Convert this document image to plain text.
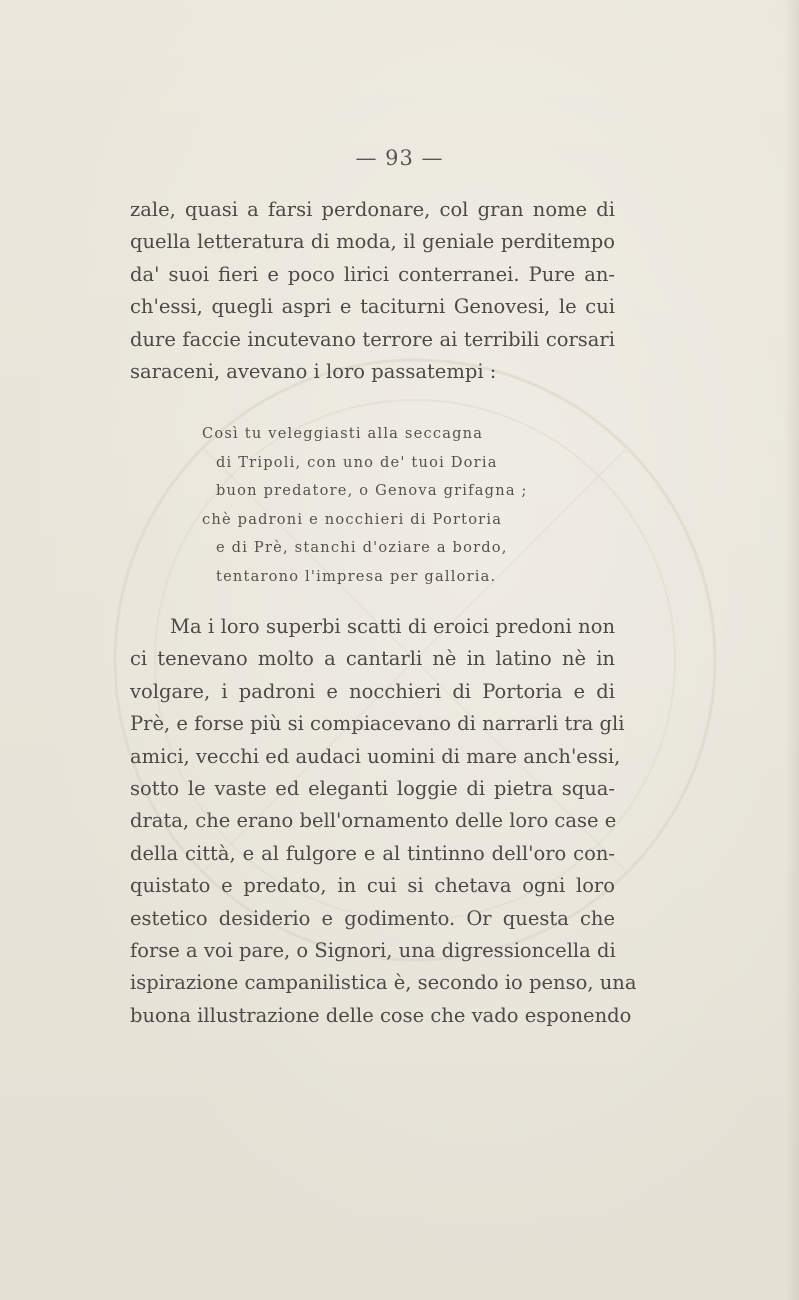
— 93 —
zale, quasi a farsi perdonare, col gran nome di
quella letteratura di moda, il geniale perditempo
da' suoi fieri e poco lirici conterranei. Pure an-
ch'essi, quegli aspri e taciturni Genovesi, le cui
dure faccie incutevano terrore ai terribili corsari
saraceni, avevano i loro passatempi :
Così tu veleggiasti alla seccagna
di Tripoli, con uno de' tuoi Doria
buon predatore, o Genova grifagna ;
chè padroni e nocchieri di Portoria
e di Prè, stanchi d'oziare a bordo,
tentarono l'impresa per galloria.
Ma i loro superbi scatti di eroici predoni non
ci tenevano molto a cantarli nè in latino nè in
volgare, i padroni e nocchieri di Portoria e di
Prè, e forse più si compiacevano di narrarli tra gli
amici, vecchi ed audaci uomini di mare anch'essi,
sotto le vaste ed eleganti loggie di pietra squa-
drata, che erano bell'ornamento delle loro case e
della città, e al fulgore e al tintinno dell'oro con-
quistato e predato, in cui si chetava ogni loro
estetico desiderio e godimento. Or questa che
forse a voi pare, o Signori, una digressioncella di
ispirazione campanilistica è, secondo io penso, una
buona illustrazione delle cose che vado esponendo
